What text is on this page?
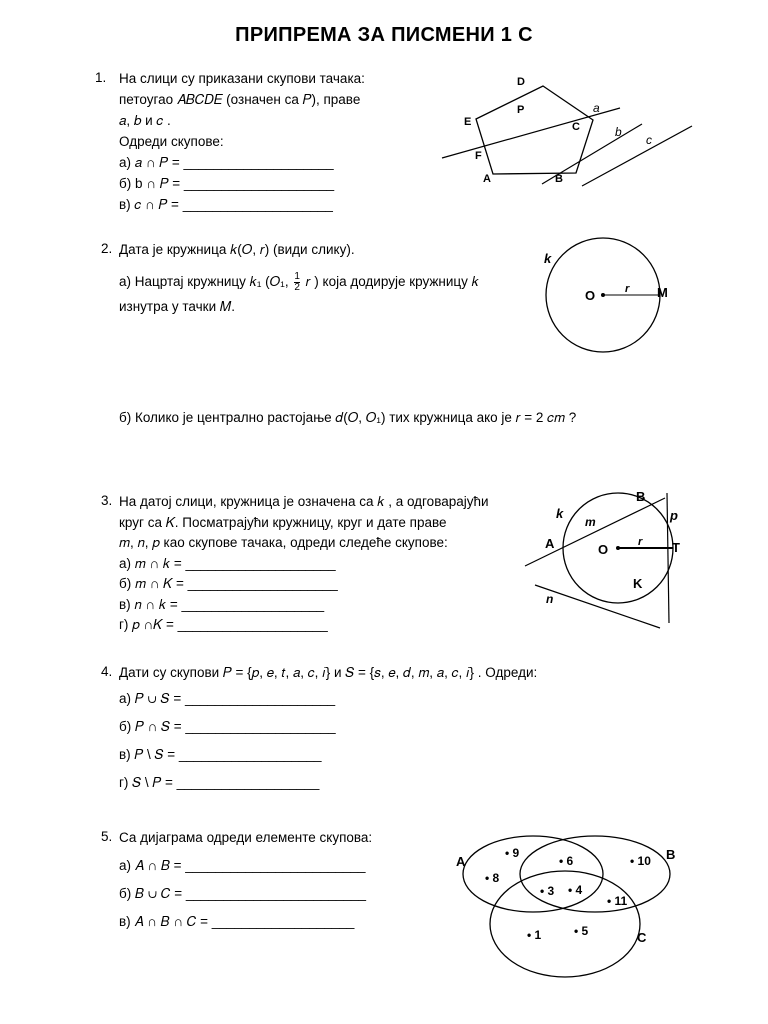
ПРИПРЕМА ЗА ПИСМЕНИ 1 С
1. На слици су приказани скупови тачака:
петоугао 𝐴𝐵𝐶𝐷𝐸 (означен са 𝑃), праве
𝑎, 𝑏 и 𝑐 .
Одреди скупове:
а) 𝑎 ∩ 𝑃 = ____________________
б) b ∩ 𝑃 = ____________________
в) 𝑐 ∩ 𝑃 = ____________________
D
P
E	C
a
b
c
F
A	B
2. Дата је кружница 𝑘(𝑂, 𝑟) (види слику).
а) Нацртај кружницу 𝑘₁ (𝑂₁, $\frac{1}{2}$ 𝑟 ) која додирује кружницу 𝑘
изнутра у тачки 𝑀.
б) Колико је централно растојање 𝑑(𝑂, 𝑂₁) тих кружница ако је 𝑟 = 2 𝑐𝑚 ?
k
O	r M
3. На датој слици, кружница је означена са 𝑘 , а одговарајући
круг са 𝐾. Посматрајући кружницу, круг и дате праве
𝑚, 𝑛, 𝑝 као скупове тачака, одреди следеће скупове:
а) 𝑚 ∩ 𝑘 = ____________________
б) 𝑚 ∩ 𝐾 = ____________________
в) 𝑛 ∩ 𝑘 = ___________________
г) 𝑝 ∩𝐾 = ____________________
B
k	p
m
A	O	r T
K
n
4. Дати су скупови 𝑃 = {𝑝, 𝑒, 𝑡, 𝑎, 𝑐, 𝑖} и 𝑆 = {𝑠, 𝑒, 𝑑, 𝑚, 𝑎, 𝑐, 𝑖} . Одреди:
а) 𝑃 ∪ 𝑆 = ____________________
б) 𝑃 ∩ 𝑆 = ____________________
в) 𝑃 \ 𝑆 = ___________________
г) 𝑆 \ 𝑃 = ___________________
5. Са дијаграма одреди елементе скупова:
а) 𝐴 ∩ 𝐵 = ________________________
б) 𝐵 ∪ 𝐶 = ________________________
в) 𝐴 ∩ 𝐵 ∩ 𝐶 = ___________________
A	B
C
• 9
• 6	• 10
• 8
• 3 • 4
• 11
• 1	• 5
